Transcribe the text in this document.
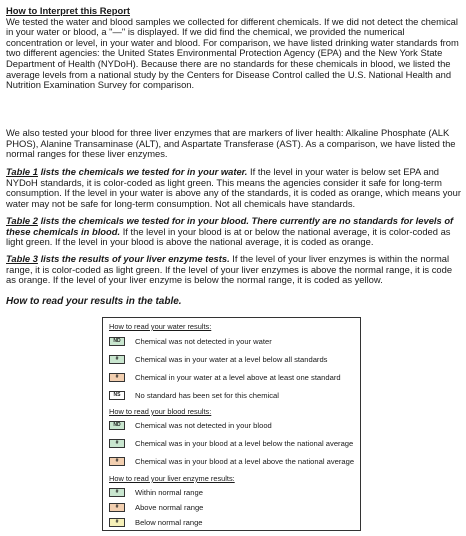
How to Interpret this Report
We tested the water and blood samples we collected for different chemicals. If we did not detect the chemical in your water or blood, a "—" is displayed. If we did find the chemical, we provided the numerical concentration or level, in your water and blood. For comparison, we have listed drinking water standards from two different agencies: the United States Environmental Protection Agency (EPA) and the New York State Department of Health (NYDoH). Because there are no standards for these chemicals in blood, we listed the average levels from a national study by the Centers for Disease Control called the U.S. National Health and Nutrition Examination Survey for comparison.
We also tested your blood for three liver enzymes that are markers of liver health: Alkaline Phosphate (ALK PHOS), Alanine Transaminase (ALT), and Aspartate Transferase (AST). As a comparison, we have listed the normal ranges for these liver enzymes.
Table 1 lists the chemicals we tested for in your water. If the level in your water is below set EPA and NYDoH standards, it is color-coded as light green. This means the agencies consider it safe for long-term consumption. If the level in your water is above any of the standards, it is coded as orange, which means your water may not be safe for long-term consumption. Not all chemicals have standards.
Table 2 lists the chemicals we tested for in your blood. There currently are no standards for levels of these chemicals in blood. If the level in your blood is at or below the national average, it is color-coded as light green. If the level in your blood is above the national average, it is coded as orange.
Table 3 lists the results of your liver enzyme tests. If the level of your liver enzymes is within the normal range, it is color-coded as light green. If the level of your liver enzymes is above the normal range, it is code as orange. If the level of your liver enzyme is below the normal range, it is coded as yellow.
How to read your results in the table.
How to read your water results:
ND	Chemical was not detected in your water
#	Chemical was in your water at a level below all standards
#	Chemical in your water at a level above at least one standard
NS	No standard has been set for this chemical
How to read your blood results:
ND	Chemical was not detected in your blood
#	Chemical was in your blood at a level below the national average
#	Chemical was in your blood at a level above the national average
How to read your liver enzyme results:
#	Within normal range
#	Above normal range
#	Below normal range
